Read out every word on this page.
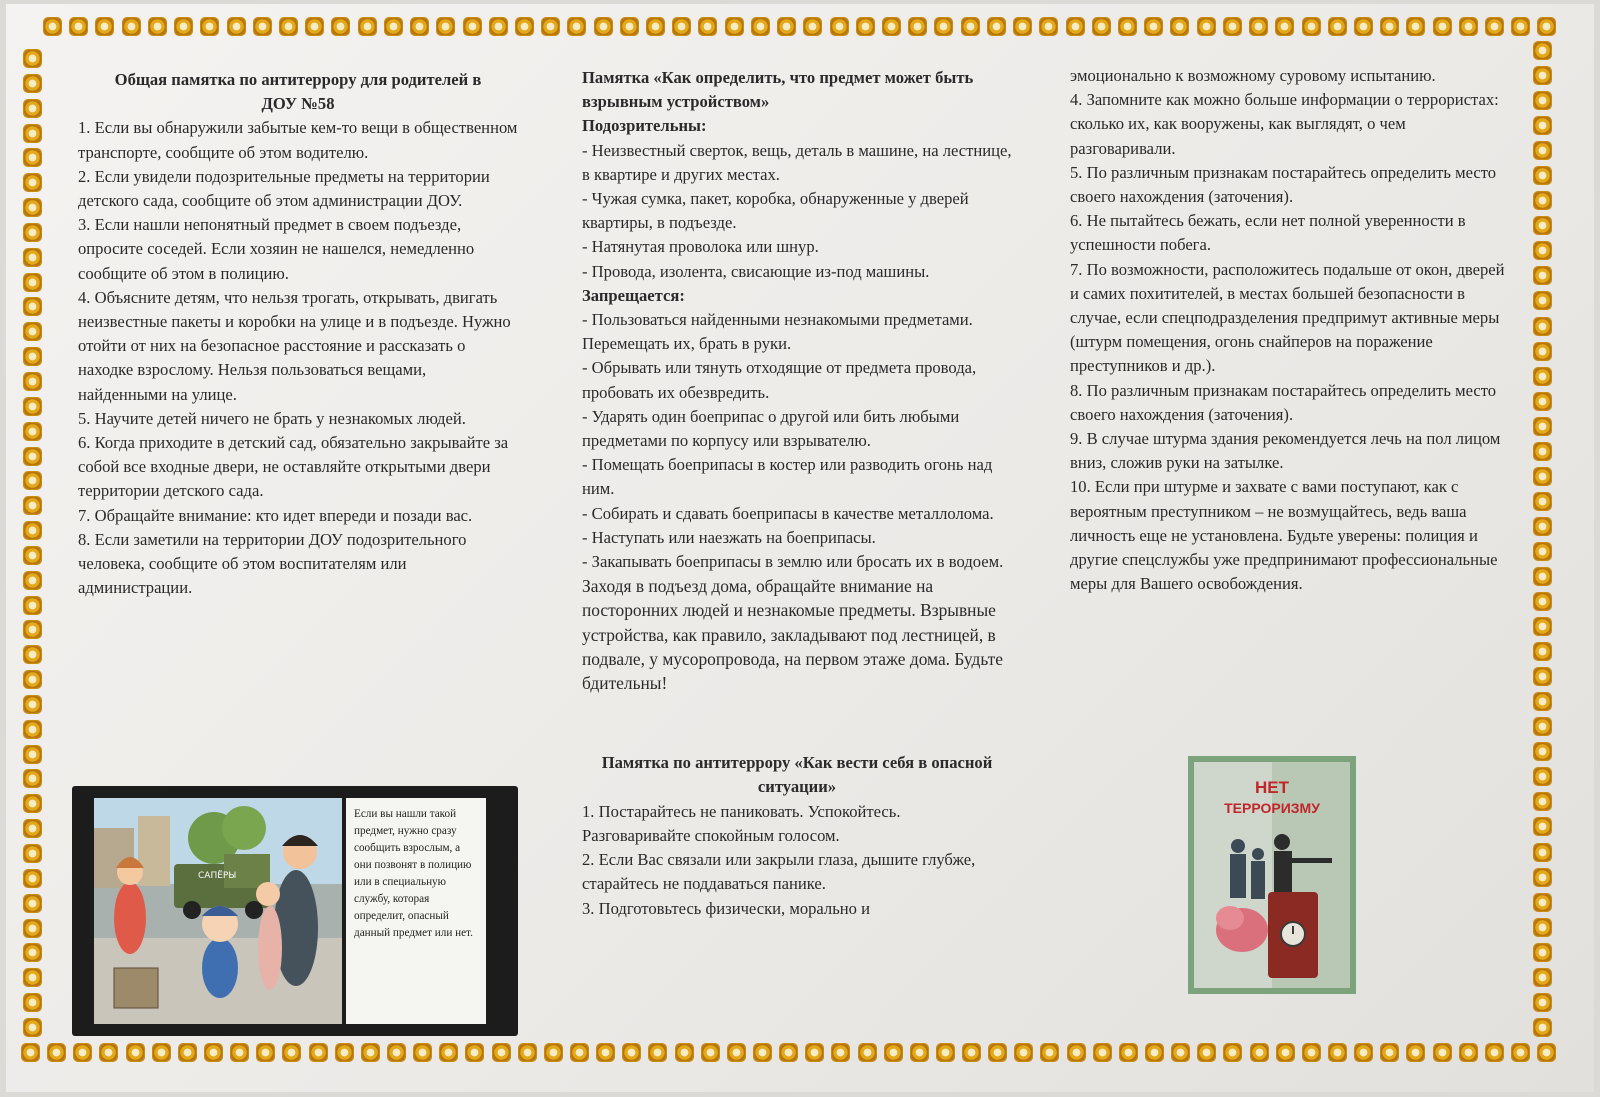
Общая памятка по антитеррору для родителей в ДОУ №58

1. Если вы обнаружили забытые кем-то вещи в общественном транспорте, сообщите об этом водителю.

2. Если увидели подозрительные предметы на территории детского сада, сообщите об этом администрации ДОУ.

3. Если нашли непонятный предмет в своем подъезде, опросите соседей. Если хозяин не нашелся, немедленно сообщите об этом в полицию.

4. Объясните детям, что нельзя трогать, открывать, двигать неизвестные пакеты и коробки на улице и в подъезде. Нужно отойти от них на безопасное расстояние и рассказать о находке взрослому. Нельзя пользоваться вещами, найденными на улице.

5. Научите детей ничего не брать у незнакомых людей.

6. Когда приходите в детский сад, обязательно закрывайте за собой все входные двери, не оставляйте открытыми двери территории детского сада.

7. Обращайте внимание: кто идет впереди и позади вас.

8. Если заметили на территории ДОУ подозрительного человека, сообщите об этом воспитателям или администрации.

САПЁРЫ
Если вы нашли такой предмет, нужно сразу сообщить взрослым, а они позвонят в полицию или в специальную службу, которая определит, опасный данный предмет или нет.

Памятка «Как определить, что предмет может быть взрывным устройством»

Подозрительны:

- Неизвестный сверток, вещь, деталь в машине, на лестнице, в квартире и других местах.

- Чужая сумка, пакет, коробка, обнаруженные у дверей квартиры, в подъезде.

- Натянутая проволока или шнур.

- Провода, изолента, свисающие из-под машины.

Запрещается:

- Пользоваться найденными незнакомыми предметами. Перемещать их, брать в руки.

- Обрывать или тянуть отходящие от предмета провода, пробовать их обезвредить.

- Ударять один боеприпас о другой или бить любыми предметами по корпусу или взрывателю.

- Помещать боеприпасы в костер или разводить огонь над ним.

- Собирать и сдавать боеприпасы в качестве металлолома.

- Наступать или наезжать на боеприпасы.

- Закапывать боеприпасы в землю или бросать их в водоем.

Заходя в подъезд дома, обращайте внимание на посторонних людей и незнакомые предметы. Взрывные устройства, как правило, закладывают под лестницей, в подвале, у мусоропровода, на первом этаже дома. Будьте бдительны!

Памятка по антитеррору «Как вести себя в опасной ситуации»

1. Постарайтесь не паниковать. Успокойтесь. Разговаривайте спокойным голосом.

2. Если Вас связали или закрыли глаза, дышите глубже, старайтесь не поддаваться панике.

3. Подготовьтесь физически, морально и

эмоционально к возможному суровому испытанию.

4. Запомните как можно больше информации о террористах: сколько их, как вооружены, как выглядят, о чем разговаривали.

5. По различным признакам постарайтесь определить место своего нахождения (заточения).

6. Не пытайтесь бежать, если нет полной уверенности в успешности побега.

7. По возможности, расположитесь подальше от окон, дверей и самих похитителей, в местах большей безопасности в случае, если спецподразделения предпримут активные меры (штурм помещения, огонь снайперов на поражение преступников и др.).

8. По различным признакам постарайтесь определить место своего нахождения (заточения).

9. В случае штурма здания рекомендуется лечь на пол лицом вниз, сложив руки на затылке.

10. Если при штурме и захвате с вами поступают, как с вероятным преступником – не возмущайтесь, ведь ваша личность еще не установлена. Будьте уверены: полиция и другие спецслужбы уже предпринимают профессиональные меры для Вашего освобождения.

НЕТ
ТЕРРОРИЗМУ
